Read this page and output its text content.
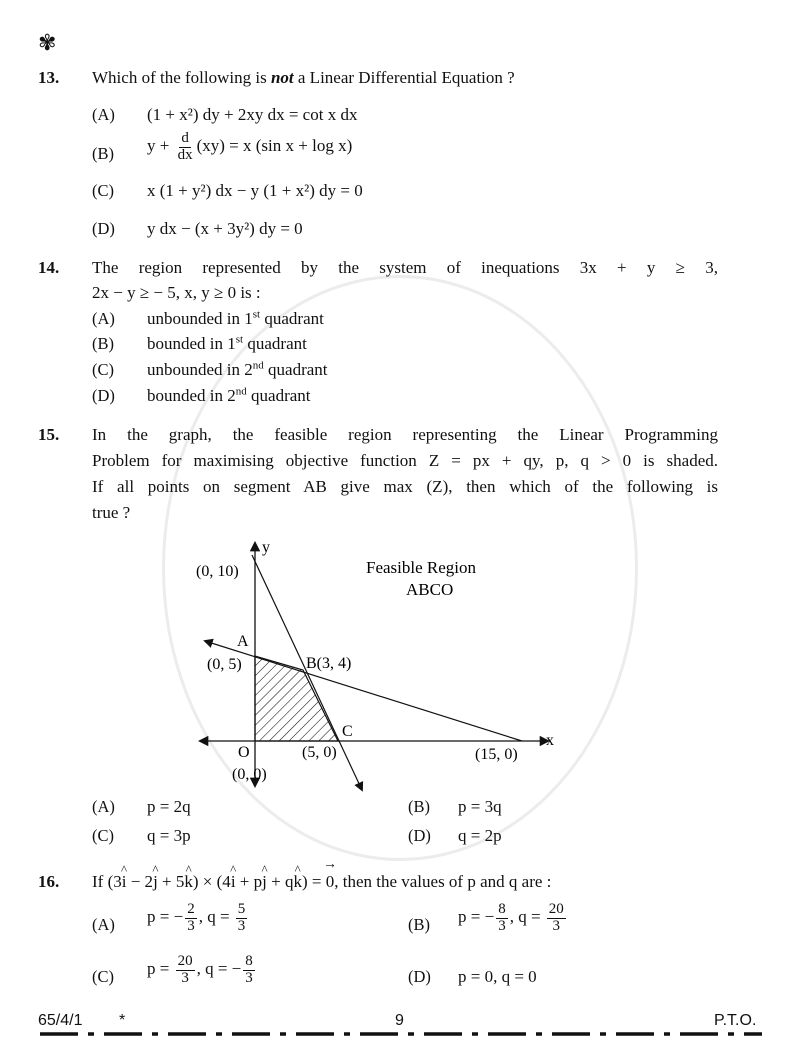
✾
13. Which of the following is not a Linear Differential Equation ?
(A) (1 + x²) dy + 2xy dx = cot x dx
(B) $y + \frac{d}{dx} (xy) = x$ (sin x + log x)
(C) x (1 + y²) dx − y (1 + x²) dy = 0
(D) y dx − (x + 3y²) dy = 0
14. The region represented by the system of inequations 3x + y ≥ 3,
2x − y ≥ − 5, x, y ≥ 0 is :
(A) unbounded in 1st quadrant
(B) bounded in 1st quadrant
(C) unbounded in 2nd quadrant
(D) bounded in 2nd quadrant
15. In the graph, the feasible region representing the Linear Programming
Problem for maximising objective function Z = px + qy, p, q > 0 is shaded.
If all points on segment AB give max (Z), then which of the following is
true ?
y
x
Feasible Region
ABCO
(0, 10)
A
(0, 5)	B(3, 4)
C
O	(5, 0)	(15, 0)
(0, 0)
(A) p = 2q	(B) p = 3q
(C) q = 3p	(D) q = 2p
16. If (3^ i − 2^ j + 5^ k) × (4^ i + p^ j + q^ k) = → 0, then the values of p and q are :
(A) p = − $\frac{2}{3}$ , $q = \frac{5}{3}$	(B) p = − $\frac{8}{3}$ , $q = \frac{20}{3}$
(C) $p = \frac{20}{3}$ , q = − $\frac{8}{3}$	(D) p = 0, q = 0
65/4/1 *	9	P.T.O.
